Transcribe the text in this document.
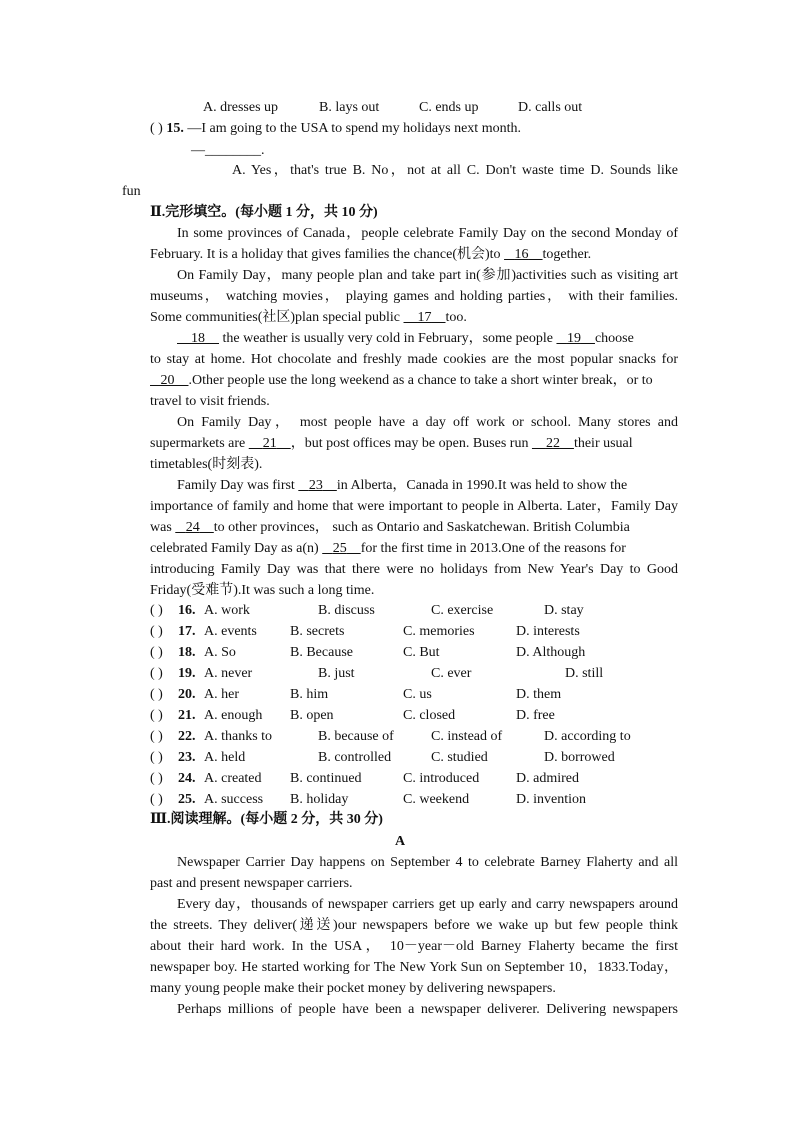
A. dresses up	B. lays out	C. ends up	D. calls out
( ) 15. —I am going to the USA to spend my holidays next month.
—________.
A. Yes，that's true B. No，not at all C. Don't waste time D. Sounds like
fun
Ⅱ.完形填空。(每小题 1 分，共 10 分)
In some provinces of Canada，people celebrate Family Day on the second Monday of
February. It is a holiday that gives families the chance(机会)to    16 together.
On Family Day，many people plan and take part in(参加)activities such as visiting art
museums， watching movies， playing games and holding parties， with their families.
Some communities(社区)plan special public     17 too.
18     the weather is usually very cold in February，some people    19 choose
to stay at home. Hot chocolate and freshly made cookies are the most popular snacks for
20 .Other people use the long weekend as a chance to take a short winter break，or to
travel to visit friends.
On Family Day， most people have a day off work or school. Many stores and
supermarkets are     21 ，but post offices may be open. Buses run     22 their usual
timetables(时刻表).
Family Day was first    23 in Alberta，Canada in 1990.It was held to show the
importance of family and home that were important to people in Alberta. Later，Family Day
was    24 to other provinces， such as Ontario and Saskatchewan. British Columbia
celebrated Family Day as a(n)    25 for the first time in 2013.One of the reasons for
introducing Family Day was that there were no holidays from New Year's Day to Good
Friday(受难节).It was such a long time.
( ) 16. A. work	B. discuss	C. exercise	D. stay
( ) 17. A. events B. secrets	C. memories	D. interests
( ) 18. A. So	B. Because	C. But	D. Although
( ) 19. A. never	B. just	C. ever	D. still
( ) 20. A. her	B. him	C. us	D. them
( ) 21. A. enough B. open	C. closed	D. free
( ) 22. A. thanks to	B. because of	C. instead of	D. according to
( ) 23. A. held	B. controlled	C. studied	D. borrowed
( ) 24. A. created B. continued	C. introduced	D. admired
( ) 25. A. success B. holiday	C. weekend	D. invention
Ⅲ.阅读理解。(每小题 2 分，共 30 分)
A
Newspaper Carrier Day happens on September 4 to celebrate Barney Flaherty and all
past and present newspaper carriers.
Every day，thousands of newspaper carriers get up early and carry newspapers around
the streets. They deliver(递送)our newspapers before we wake up but few people think
about their hard work. In the USA， 10－year－old Barney Flaherty became the first
newspaper boy. He started working for The New York Sun on September 10，1833.Today，
many young people make their pocket money by delivering newspapers.
Perhaps millions of people have been a newspaper deliverer. Delivering newspapers
